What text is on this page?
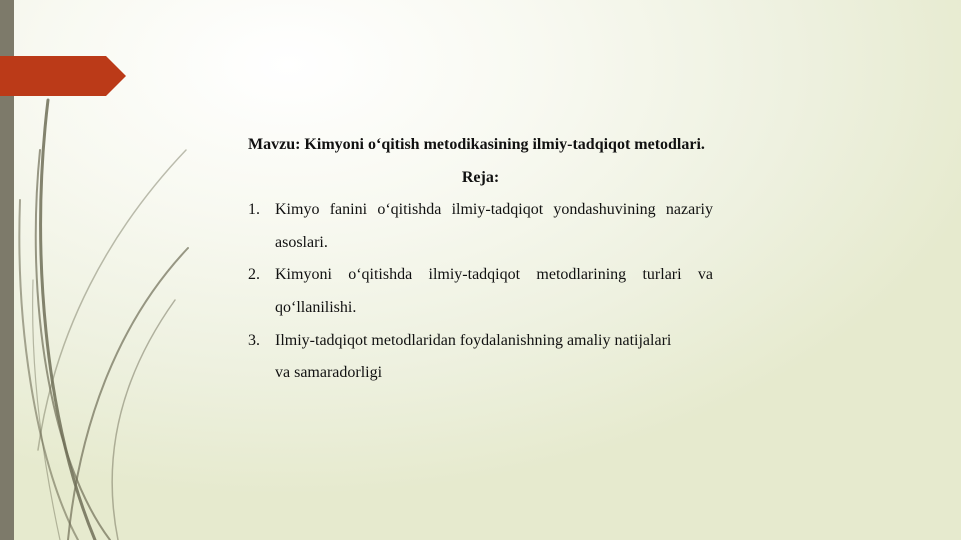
Mavzu: Kimyoni o‘qitish metodikasining ilmiy-tadqiqot metodlari.

Reja:

1. Kimyo fanini o‘qitishda ilmiy-tadqiqot yondashuvining nazariy asoslari.
2. Kimyoni o‘qitishda ilmiy-tadqiqot metodlarining turlari va qo‘llanilishi.
3. Ilmiy-tadqiqot metodlaridan foydalanishning amaliy natijalari va samaradorligi
